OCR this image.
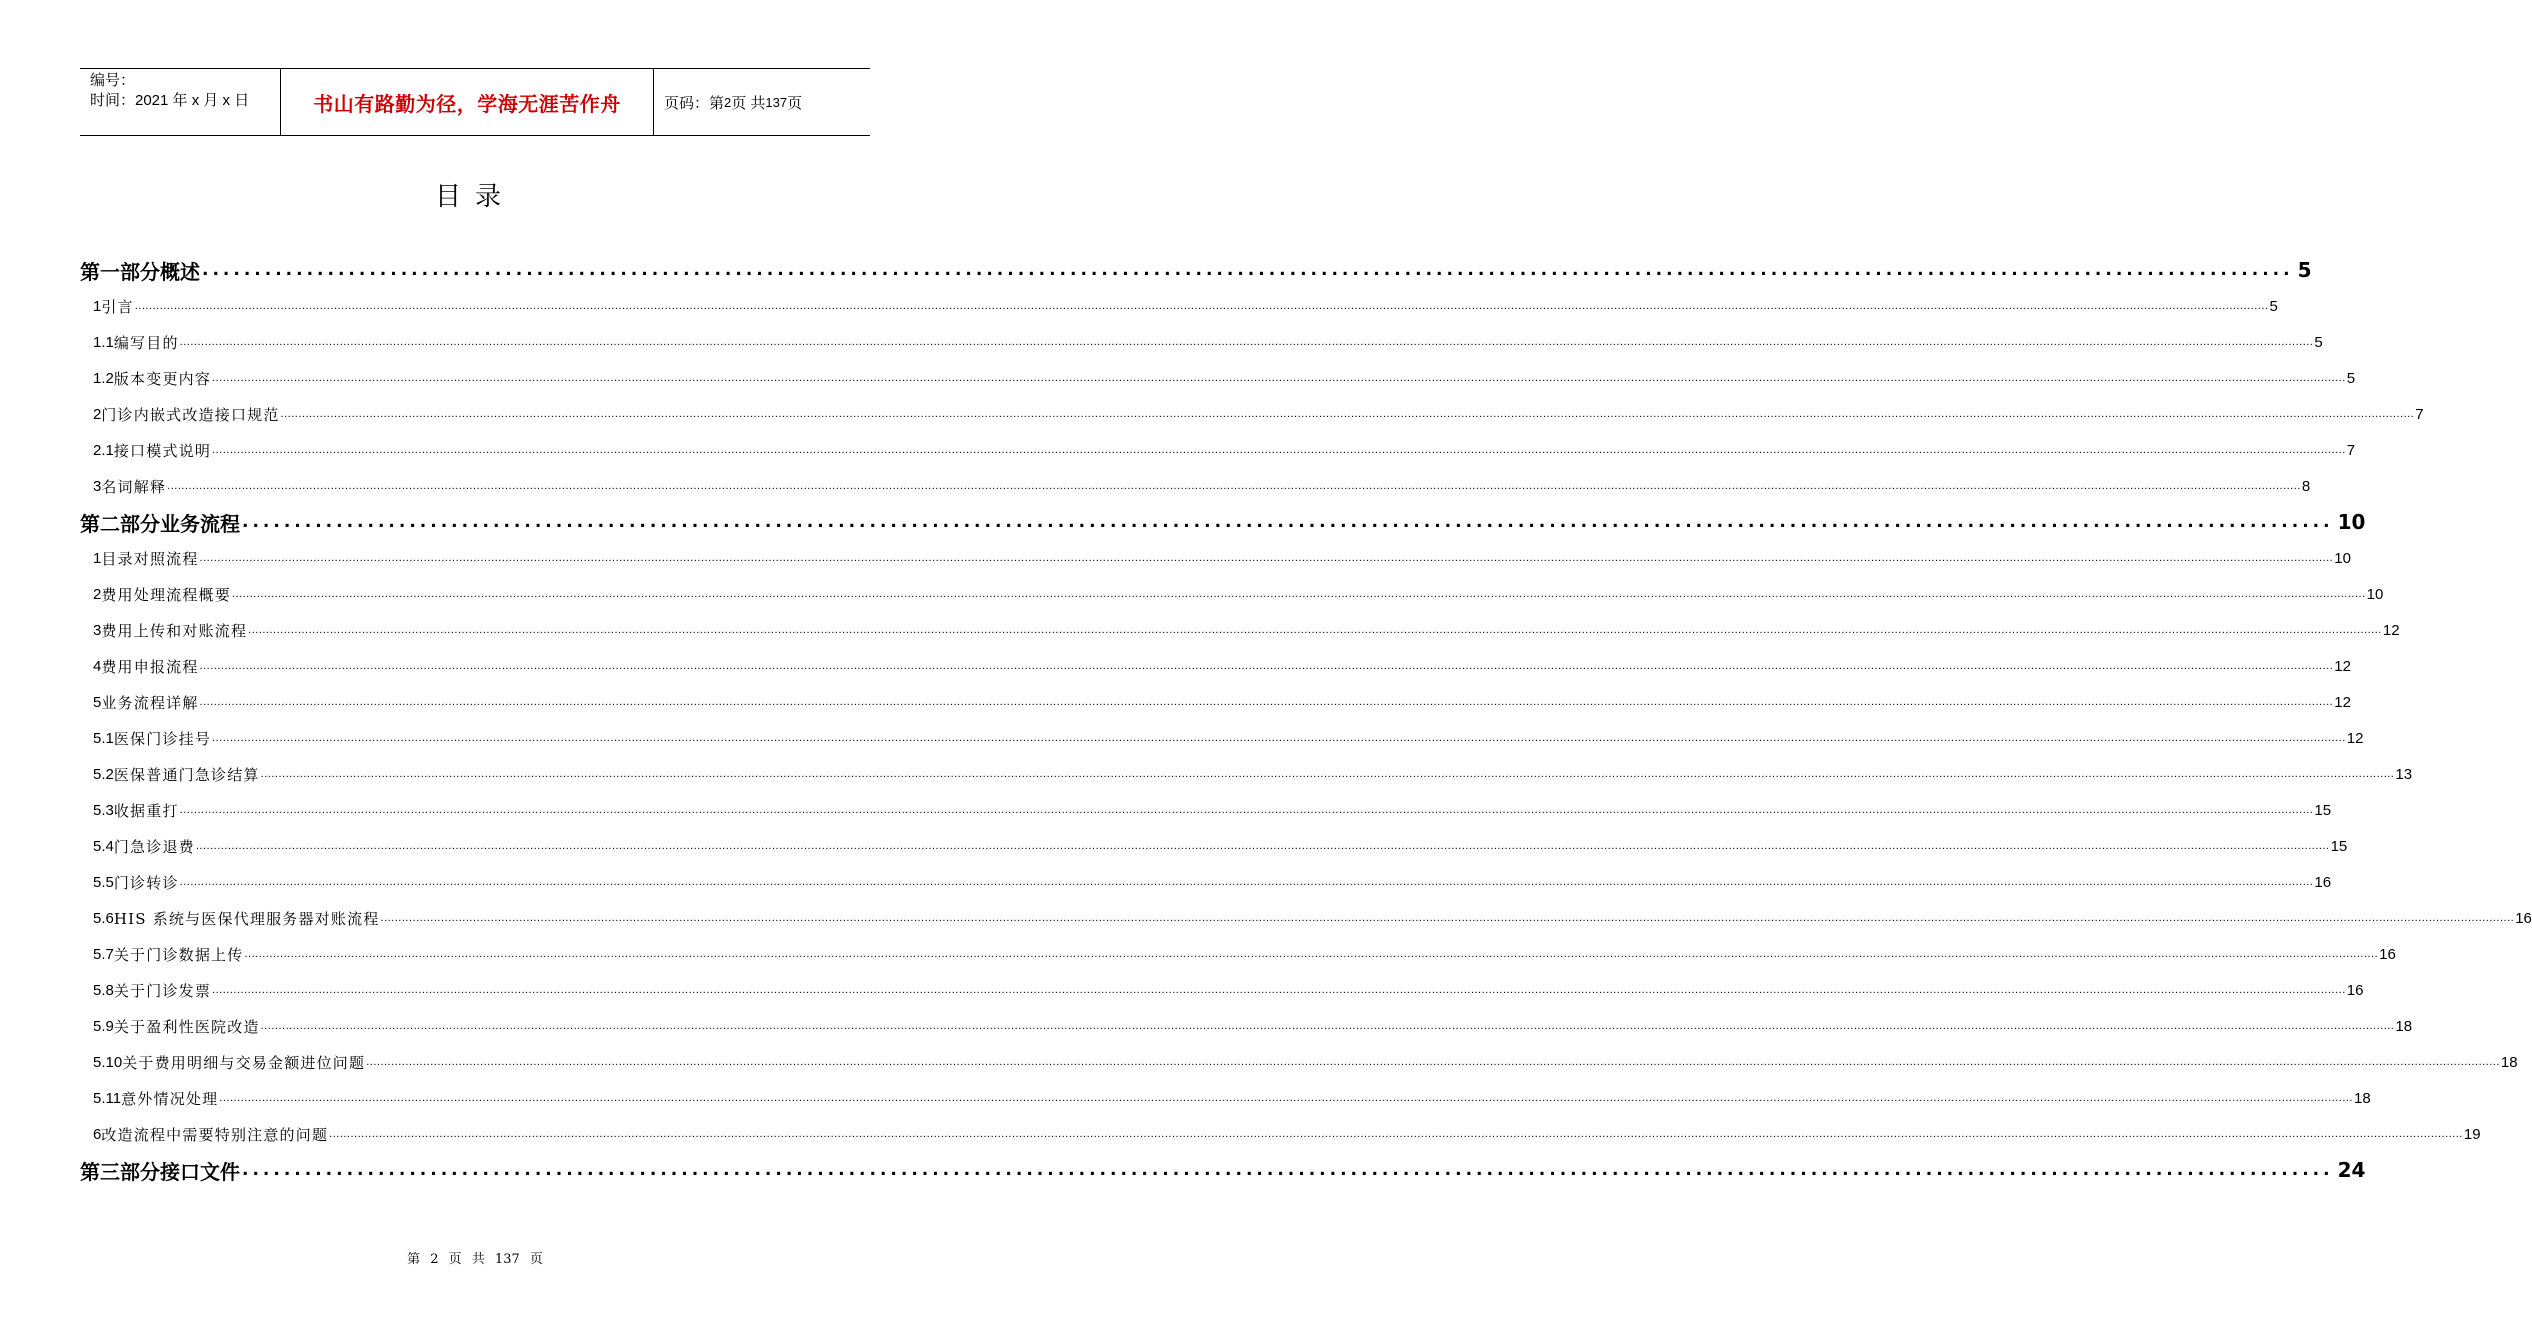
编号：
时间：2021 年 x 月 x 日	书山有路勤为径，学海无涯苦作舟	页码：第 2 页 共 137 页
目录
第一部分 概述 ........................................................................................................................................................................................................ 5
1 引言 ........................................................................................................................................................................................................................................................................................................................................................................................................................................................................................................................................................................................................................ 5
1.1 编写目的 ........................................................................................................................................................................................................................................................................................................................................................................................................................................................................................................................................................................................................................ 5
1.2 版本变更内容 ........................................................................................................................................................................................................................................................................................................................................................................................................................................................................................................................................................................................................................ 5
2 门诊内嵌式改造接口规范 ........................................................................................................................................................................................................................................................................................................................................................................................................................................................................................................................................................................................................................ 7
2.1 接口模式说明 ........................................................................................................................................................................................................................................................................................................................................................................................................................................................................................................................................................................................................................ 7
3 名词解释 ........................................................................................................................................................................................................................................................................................................................................................................................................................................................................................................................................................................................................................ 8
第二部分 业务流程 ........................................................................................................................................................................................................ 10
1 目录对照流程 ........................................................................................................................................................................................................................................................................................................................................................................................................................................................................................................................................................................................................................ 10
2 费用处理流程概要 ........................................................................................................................................................................................................................................................................................................................................................................................................................................................................................................................................................................................................................ 10
3 费用上传和对账流程 ........................................................................................................................................................................................................................................................................................................................................................................................................................................................................................................................................................................................................................ 12
4 费用申报流程 ........................................................................................................................................................................................................................................................................................................................................................................................................................................................................................................................................................................................................................ 12
5 业务流程详解 ........................................................................................................................................................................................................................................................................................................................................................................................................................................................................................................................................................................................................................ 12
5.1 医保门诊挂号 ........................................................................................................................................................................................................................................................................................................................................................................................................................................................................................................................................................................................................................ 12
5.2 医保普通门急诊结算 ........................................................................................................................................................................................................................................................................................................................................................................................................................................................................................................................................................................................................................ 13
5.3 收据重打 ........................................................................................................................................................................................................................................................................................................................................................................................................................................................................................................................................................................................................................ 15
5.4 门急诊退费 ........................................................................................................................................................................................................................................................................................................................................................................................................................................................................................................................................................................................................................ 15
5.5 门诊转诊 ........................................................................................................................................................................................................................................................................................................................................................................................................................................................................................................................................................................................................................ 16
5.6 HIS 系统与医保代理服务器对账流程 ........................................................................................................................................................................................................................................................................................................................................................................................................................................................................................................................................................................................................................ 16
5.7 关于门诊数据上传 ........................................................................................................................................................................................................................................................................................................................................................................................................................................................................................................................................................................................................................ 16
5.8 关于门诊发票 ........................................................................................................................................................................................................................................................................................................................................................................................................................................................................................................................................................................................................................ 16
5.9 关于盈利性医院改造 ........................................................................................................................................................................................................................................................................................................................................................................................................................................................................................................................................................................................................................ 18
5.10 关于费用明细与交易金额进位问题 ........................................................................................................................................................................................................................................................................................................................................................................................................................................................................................................................................................................................................................ 18
5.11 意外情况处理 ........................................................................................................................................................................................................................................................................................................................................................................................................................................................................................................................................................................................................................ 18
6 改造流程中需要特别注意的问题 ........................................................................................................................................................................................................................................................................................................................................................................................................................................................................................................................................................................................................................ 19
第三部分 接口文件 ........................................................................................................................................................................................................ 24
第 2 页 共 137 页
